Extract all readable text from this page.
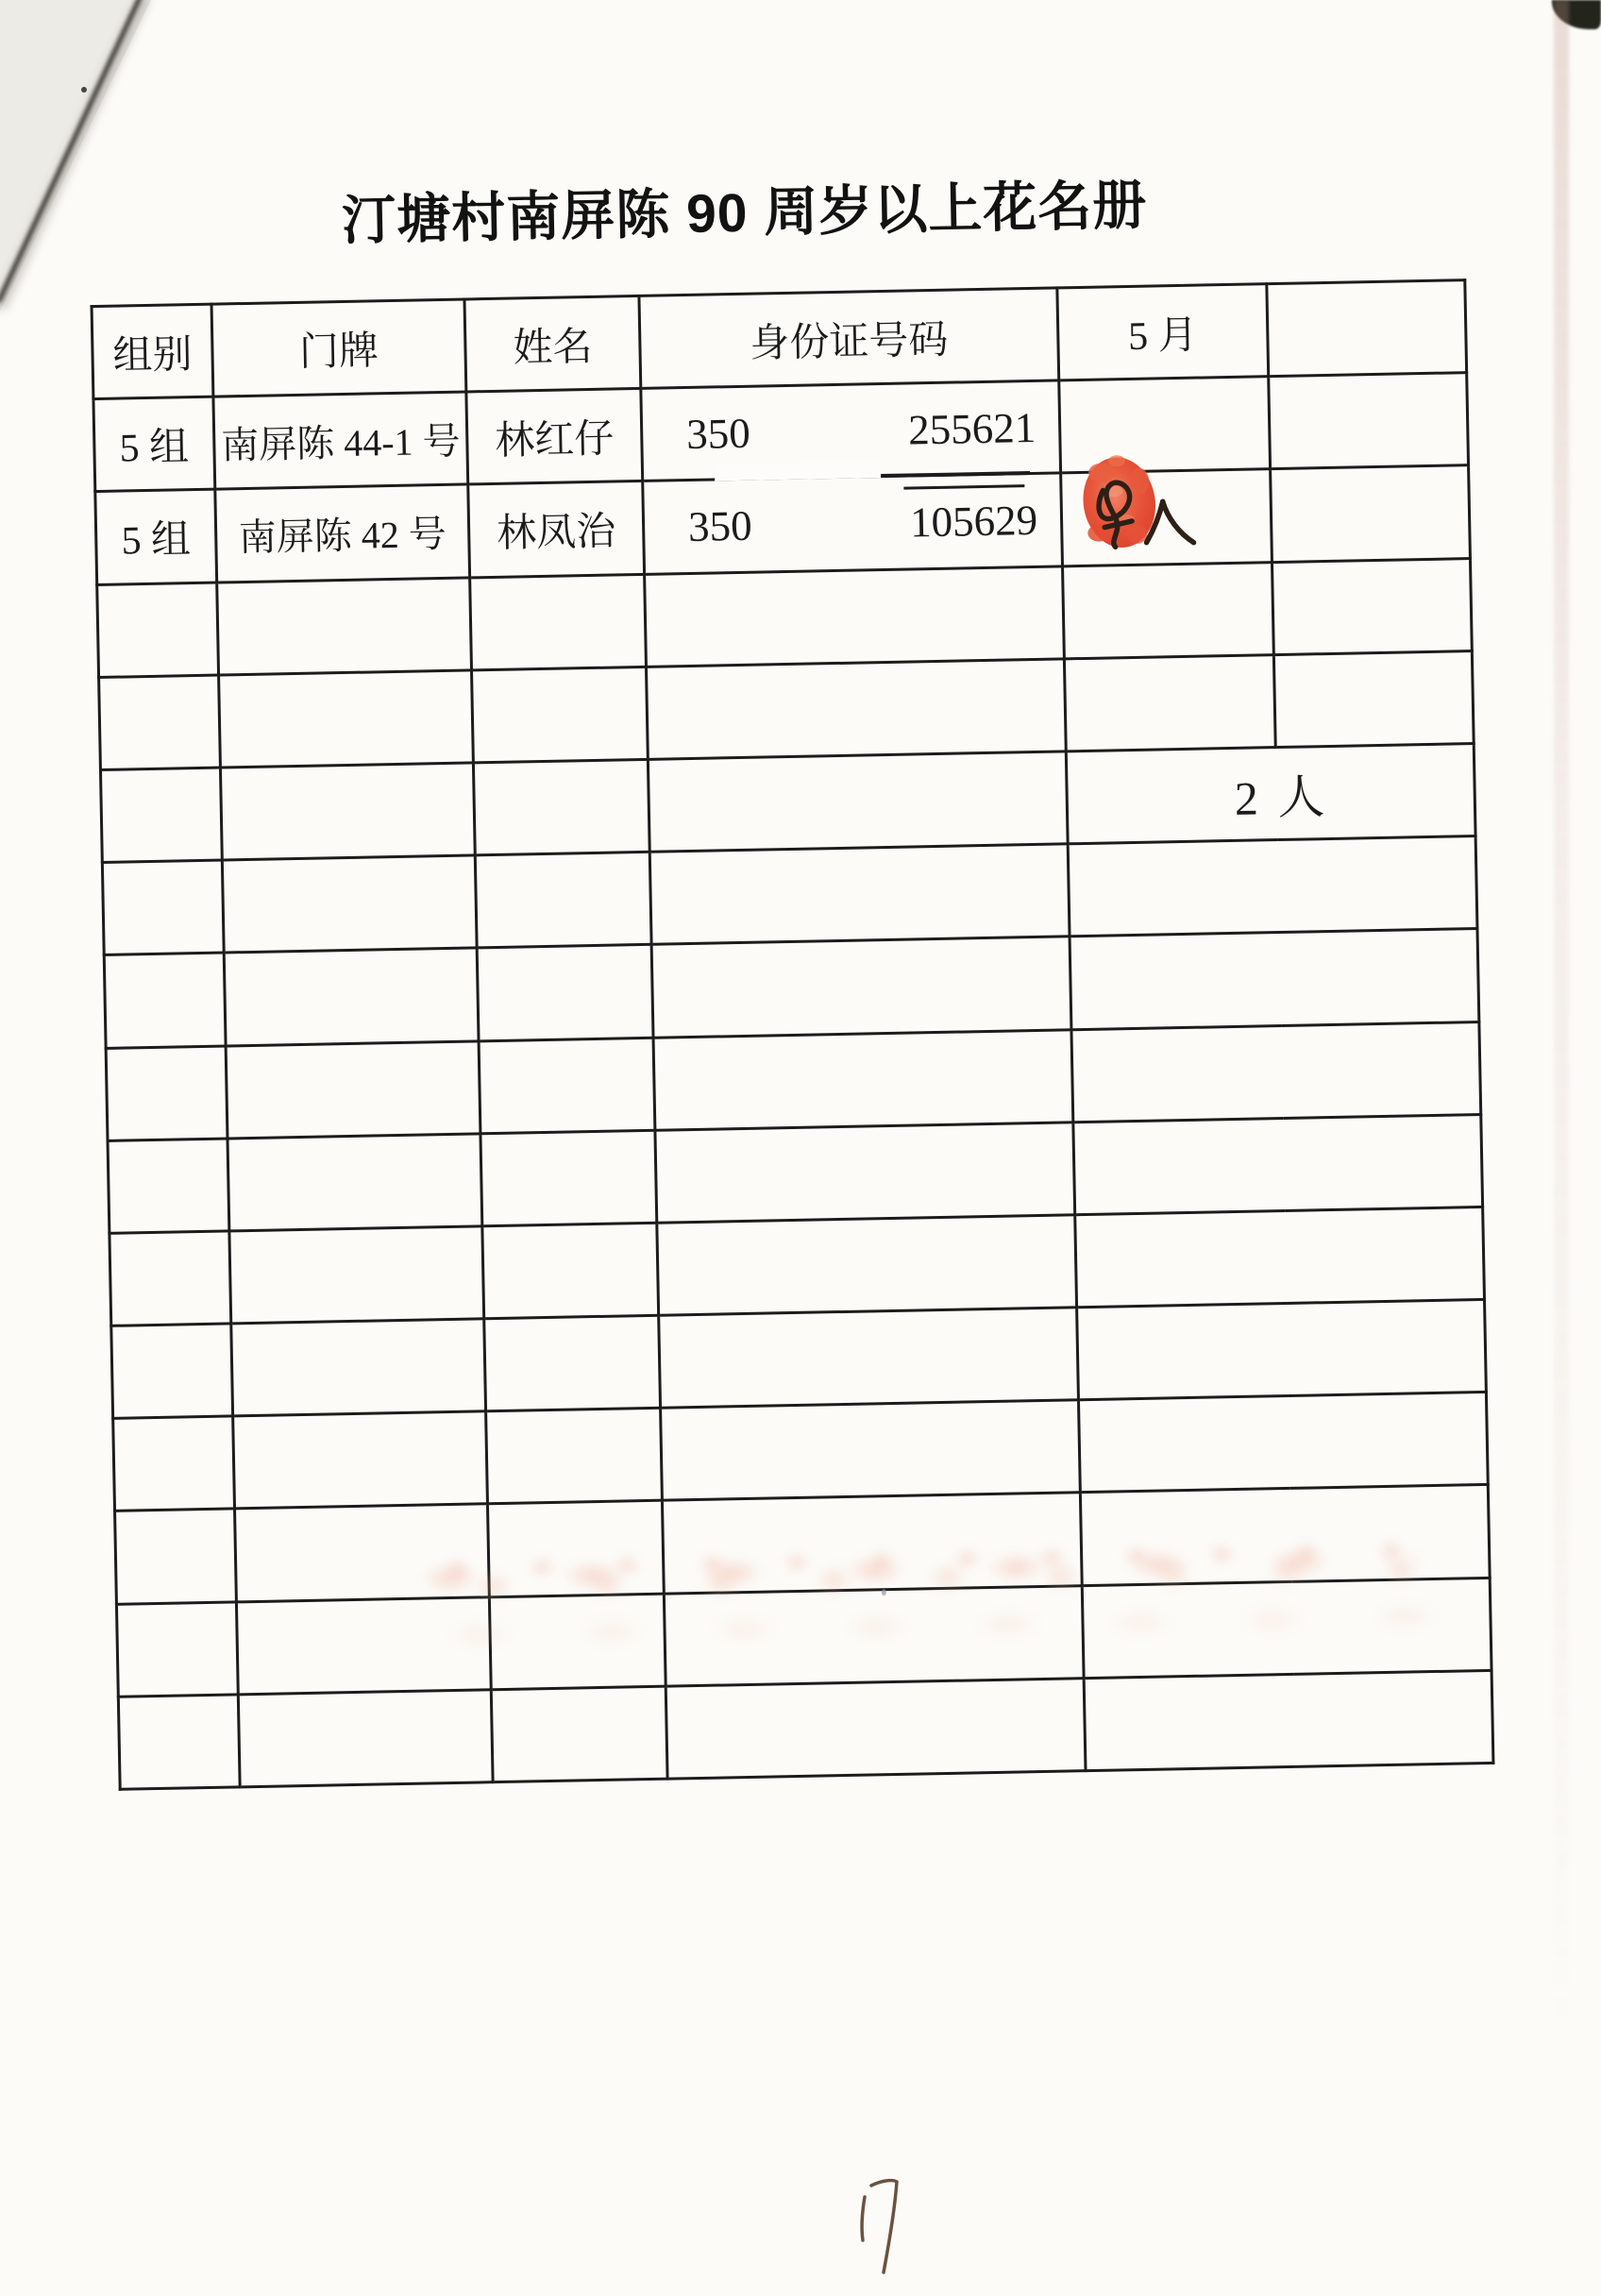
汀塘村南屏陈 90 周岁以上花名册
组别	门牌	姓名	身份证号码	5 月	
5 组	南屏陈 44-1 号	林红仔	350 255621		

5 组	南屏陈 42 号	林凤治	350 105629		

				2 人	
